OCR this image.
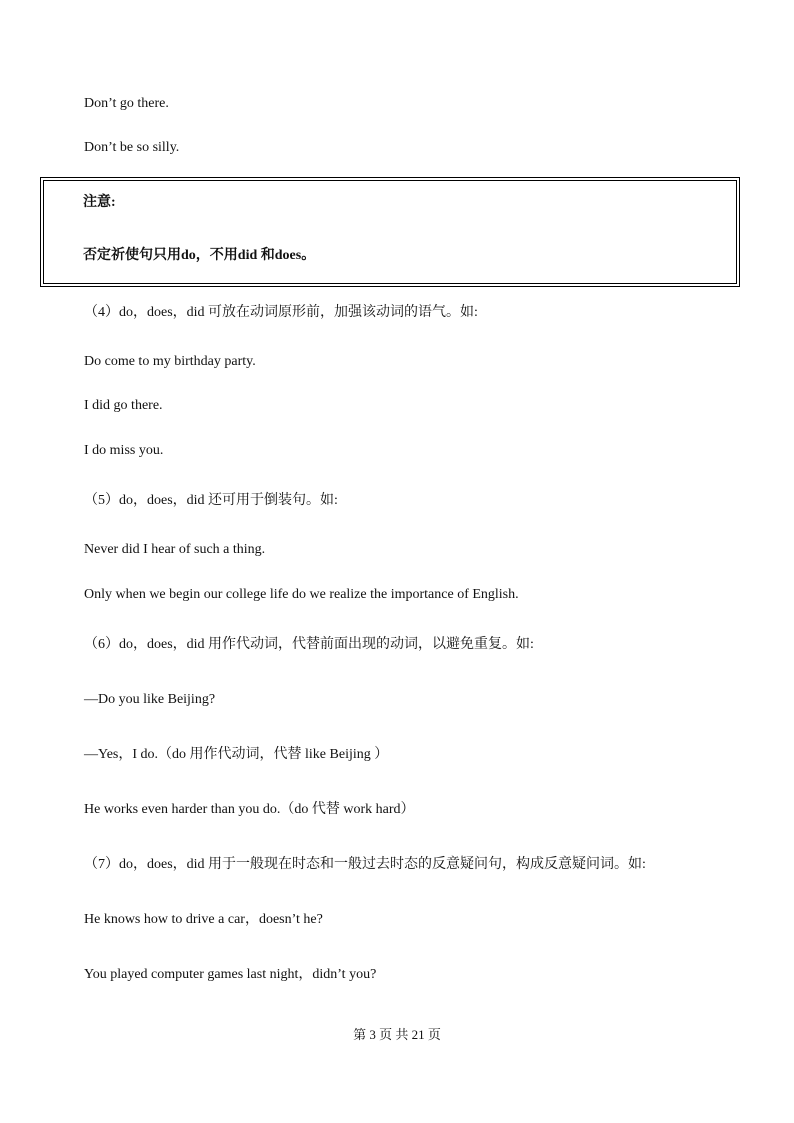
Don’t go there.
Don’t be so silly.
注意:
否定祈使句只用do，不用did 和does。
（4）do，does，did 可放在动词原形前，加强该动词的语气。如:
Do come to my birthday party.
I did go there.
I do miss you.
（5）do，does，did 还可用于倒装句。如:
Never did I hear of such a thing.
Only when we begin our college life do we realize the importance of English.
（6）do，does，did 用作代动词，代替前面出现的动词，以避免重复。如:
—Do you like Beijing?
—Yes，I do.（do 用作代动词，代替 like Beijing ）
He works even harder than you do.（do 代替 work hard）
（7）do，does，did 用于一般现在时态和一般过去时态的反意疑问句，构成反意疑问词。如:
He knows how to drive a car，doesn’t he?
You played computer games last night，didn’t you?
第 3 页 共 21 页
